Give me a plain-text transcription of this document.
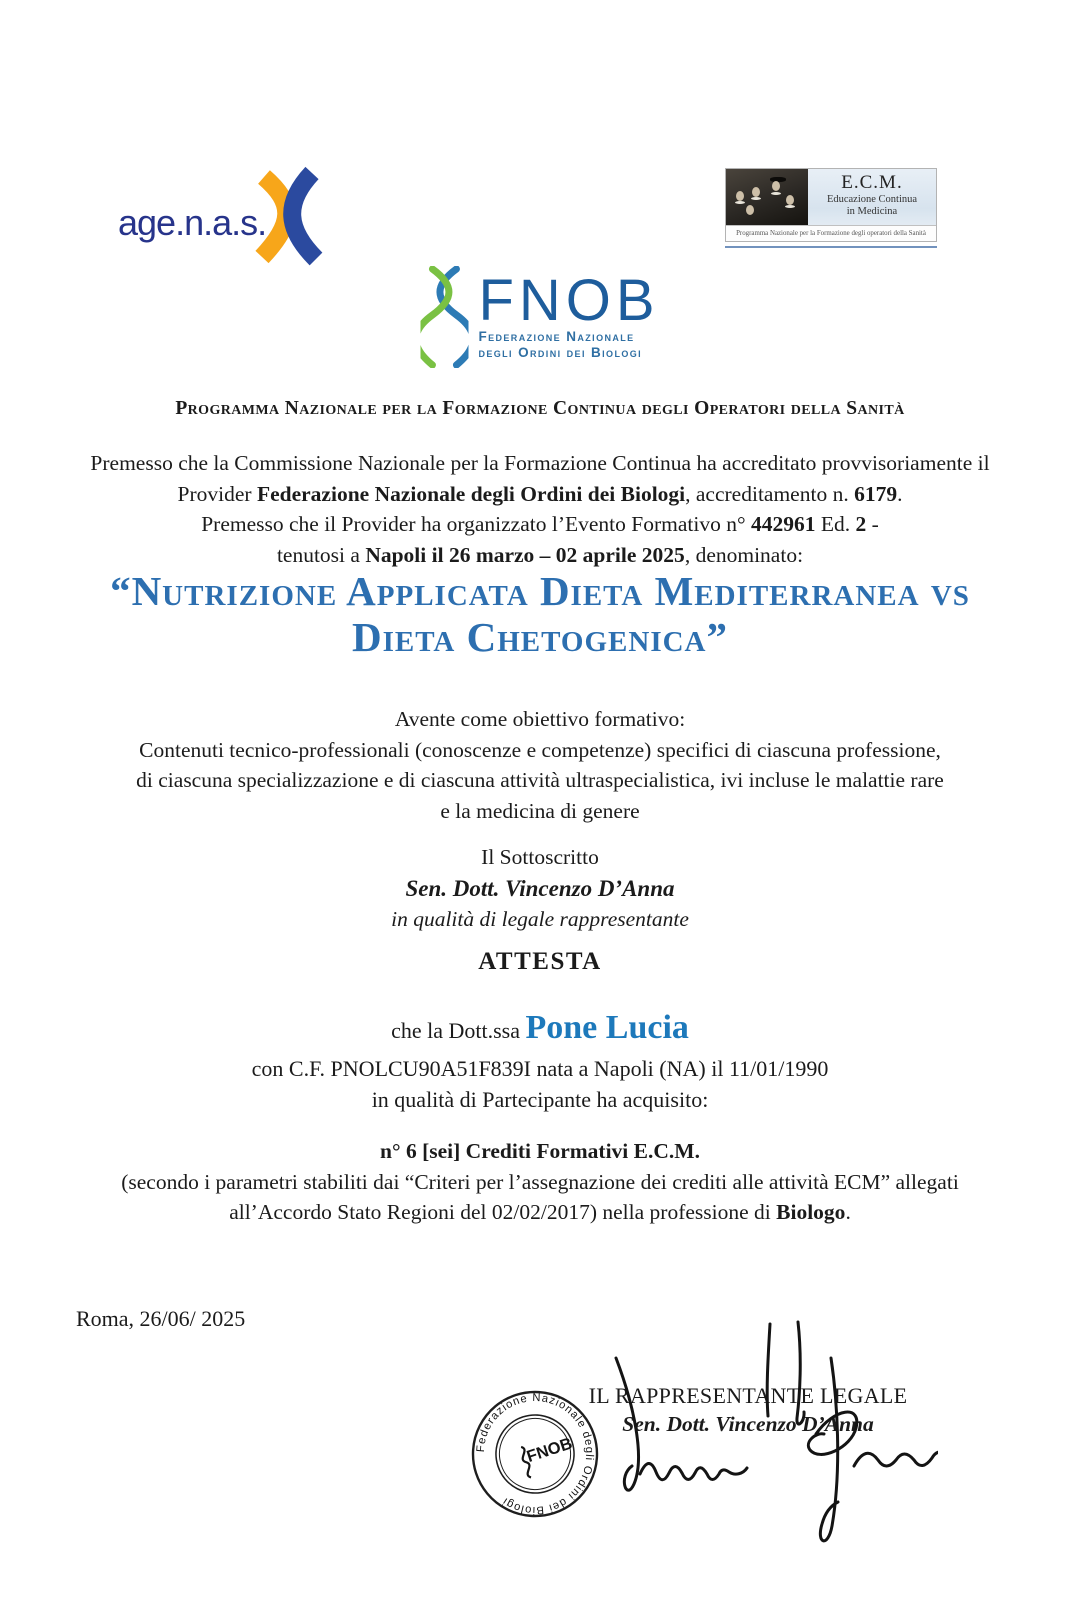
age.n.a.s.
E.C.M.
Educazione Continua
in Medicina
Programma Nazionale per la Formazione degli operatori della Sanità
FNOB
Federazione Nazionale
degli Ordini dei Biologi
Programma Nazionale per la Formazione Continua degli Operatori della Sanità

Premesso che la Commissione Nazionale per la Formazione Continua ha accreditato provvisoriamente il Provider Federazione Nazionale degli Ordini dei Biologi, accreditamento n. 6179.

Premesso che il Provider ha organizzato l’Evento Formativo n° 442961 Ed. 2 -

tenutosi a Napoli il 26 marzo – 02 aprile 2025, denominato:

“Nutrizione Applicata Dieta Mediterranea vs
Dieta Chetogenica”

Avente come obiettivo formativo:

Contenuti tecnico-professionali (conoscenze e competenze) specifici di ciascuna professione, di ciascuna specializzazione e di ciascuna attività ultraspecialistica, ivi incluse le malattie rare e la medicina di genere

Il Sottoscritto
Sen. Dott. Vincenzo D’Anna
in qualità di legale rappresentante
ATTESTA
che la Dott.ssa Pone Lucia
con C.F. PNOLCU90A51F839I nata a Napoli (NA) il 11/01/1990
in qualità di Partecipante ha acquisito:

n° 6 [sei] Crediti Formativi E.C.M.

(secondo i parametri stabiliti dai “Criteri per l’assegnazione dei crediti alle attività ECM” allegati all’Accordo Stato Regioni del 02/02/2017) nella professione di Biologo.

Roma, 26/06/ 2025
Federazione Nazionale degli Ordini dei Biologi
FNOB
IL RAPPRESENTANTE LEGALE
Sen. Dott. Vincenzo D’Anna
